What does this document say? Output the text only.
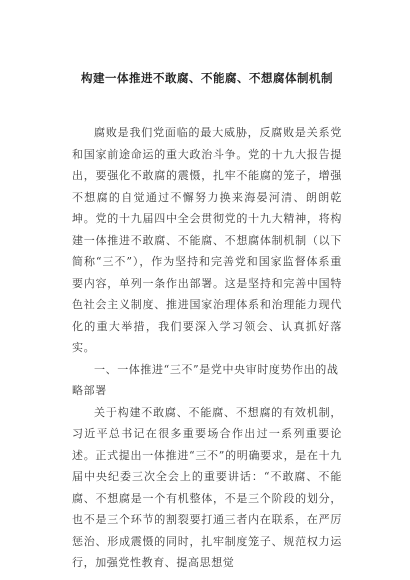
构建一体推进不敢腐、不能腐、不想腐体制机制

腐败是我们党面临的最大威胁，反腐败是关系党和国家前途命运的重大政治斗争。党的十九大报告提出，要强化不敢腐的震慑，扎牢不能腐的笼子，增强不想腐的自觉通过不懈努力换来海晏河清、朗朗乾坤。党的十九届四中全会贯彻党的十九大精神，将构建一体推进不敢腐、不能腐、不想腐体制机制（以下简称“三不”），作为坚持和完善党和国家监督体系重要内容，单列一条作出部署。这是坚持和完善中国特色社会主义制度、推进国家治理体系和治理能力现代化的重大举措，我们要深入学习领会、认真抓好落实。

一、一体推进“三不”是党中央审时度势作出的战略部署

关于构建不敢腐、不能腐、不想腐的有效机制，习近平总书记在很多重要场合作出过一系列重要论述。正式提出一体推进“三不”的明确要求，是在十九届中央纪委三次全会上的重要讲话：“不敢腐、不能腐、不想腐是一个有机整体，不是三个阶段的划分，也不是三个环节的割裂要打通三者内在联系，在严厉惩治、形成震慑的同时，扎牢制度笼子、规范权力运行，加强党性教育、提高思想觉
